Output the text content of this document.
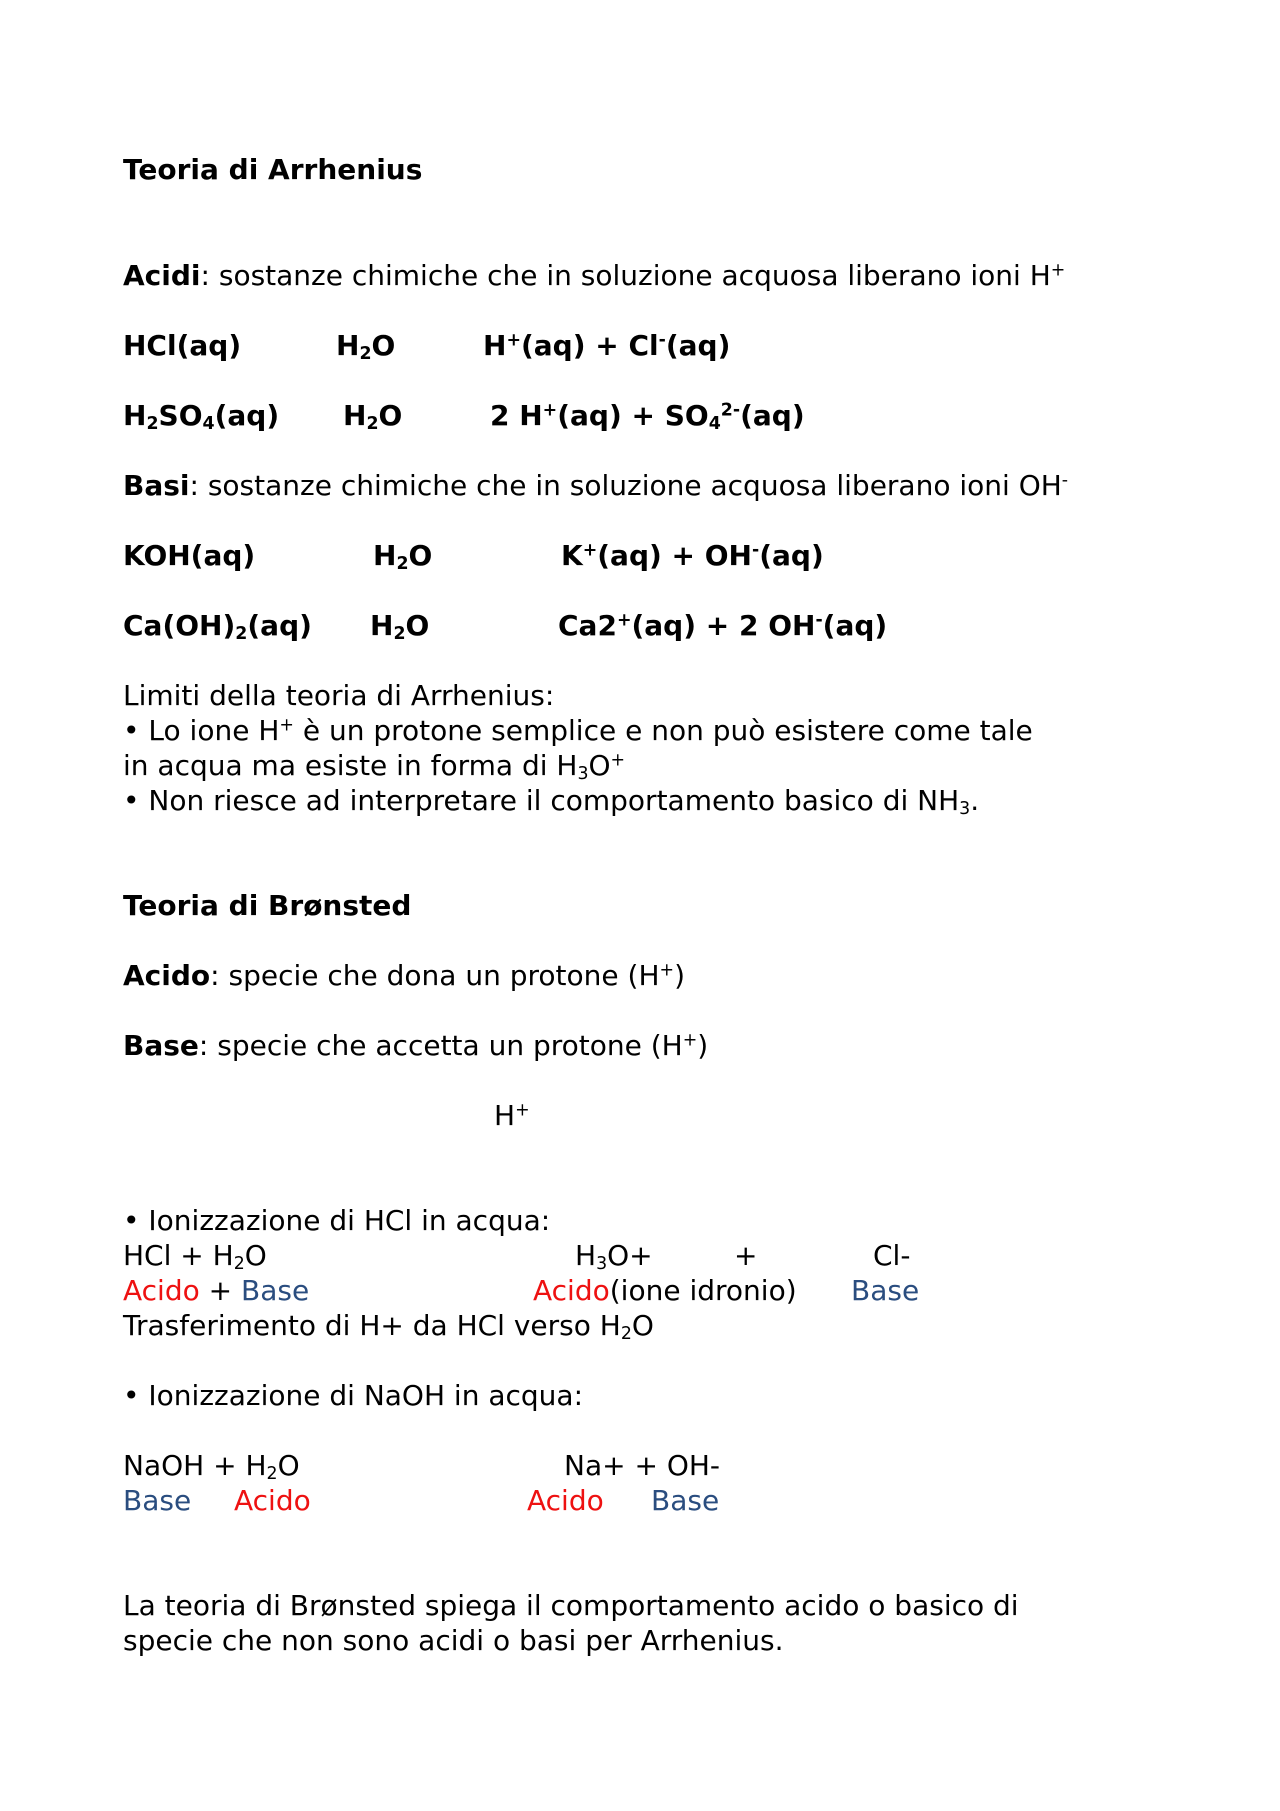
Teoria di Arrhenius
Acidi: sostanze chimiche che in soluzione acquosa liberano ioni H+
HCl(aq)	$H_2O$	H+(aq) + Cl-(aq)
$H_2SO_4(aq)$ $H_2O$	2 $H^+(aq) + SO_4^{2-}(aq)$
Basi: sostanze chimiche che in soluzione acquosa liberano ioni OH-
KOH(aq)	$H_2O$	K+(aq) + OH-(aq)
$Ca(OH)_2(aq)$ $H_2O$	Ca2+(aq) + 2 OH-(aq)
Limiti della teoria di Arrhenius:
• Lo ione H+ è un protone semplice e non può esistere come tale
in acqua ma esiste in forma di $H_3O^+$
• Non riesce ad interpretare il comportamento basico di $NH_3$.
Teoria di Brønsted
Acido: specie che dona un protone (H+)
Base: specie che accetta un protone (H+)
H+
• Ionizzazione di HCl in acqua:
HCl + $H_2O$	$H_3O+$	+	Cl-
Acido + Base	Acido(ione idronio) Base
Trasferimento di H+ da HCl verso $H_2O$
• Ionizzazione di NaOH in acqua:
NaOH + $H_2O$	Na+ + OH-
Base Acido	Acido Base
La teoria di Brønsted spiega il comportamento acido o basico di
specie che non sono acidi o basi per Arrhenius.
